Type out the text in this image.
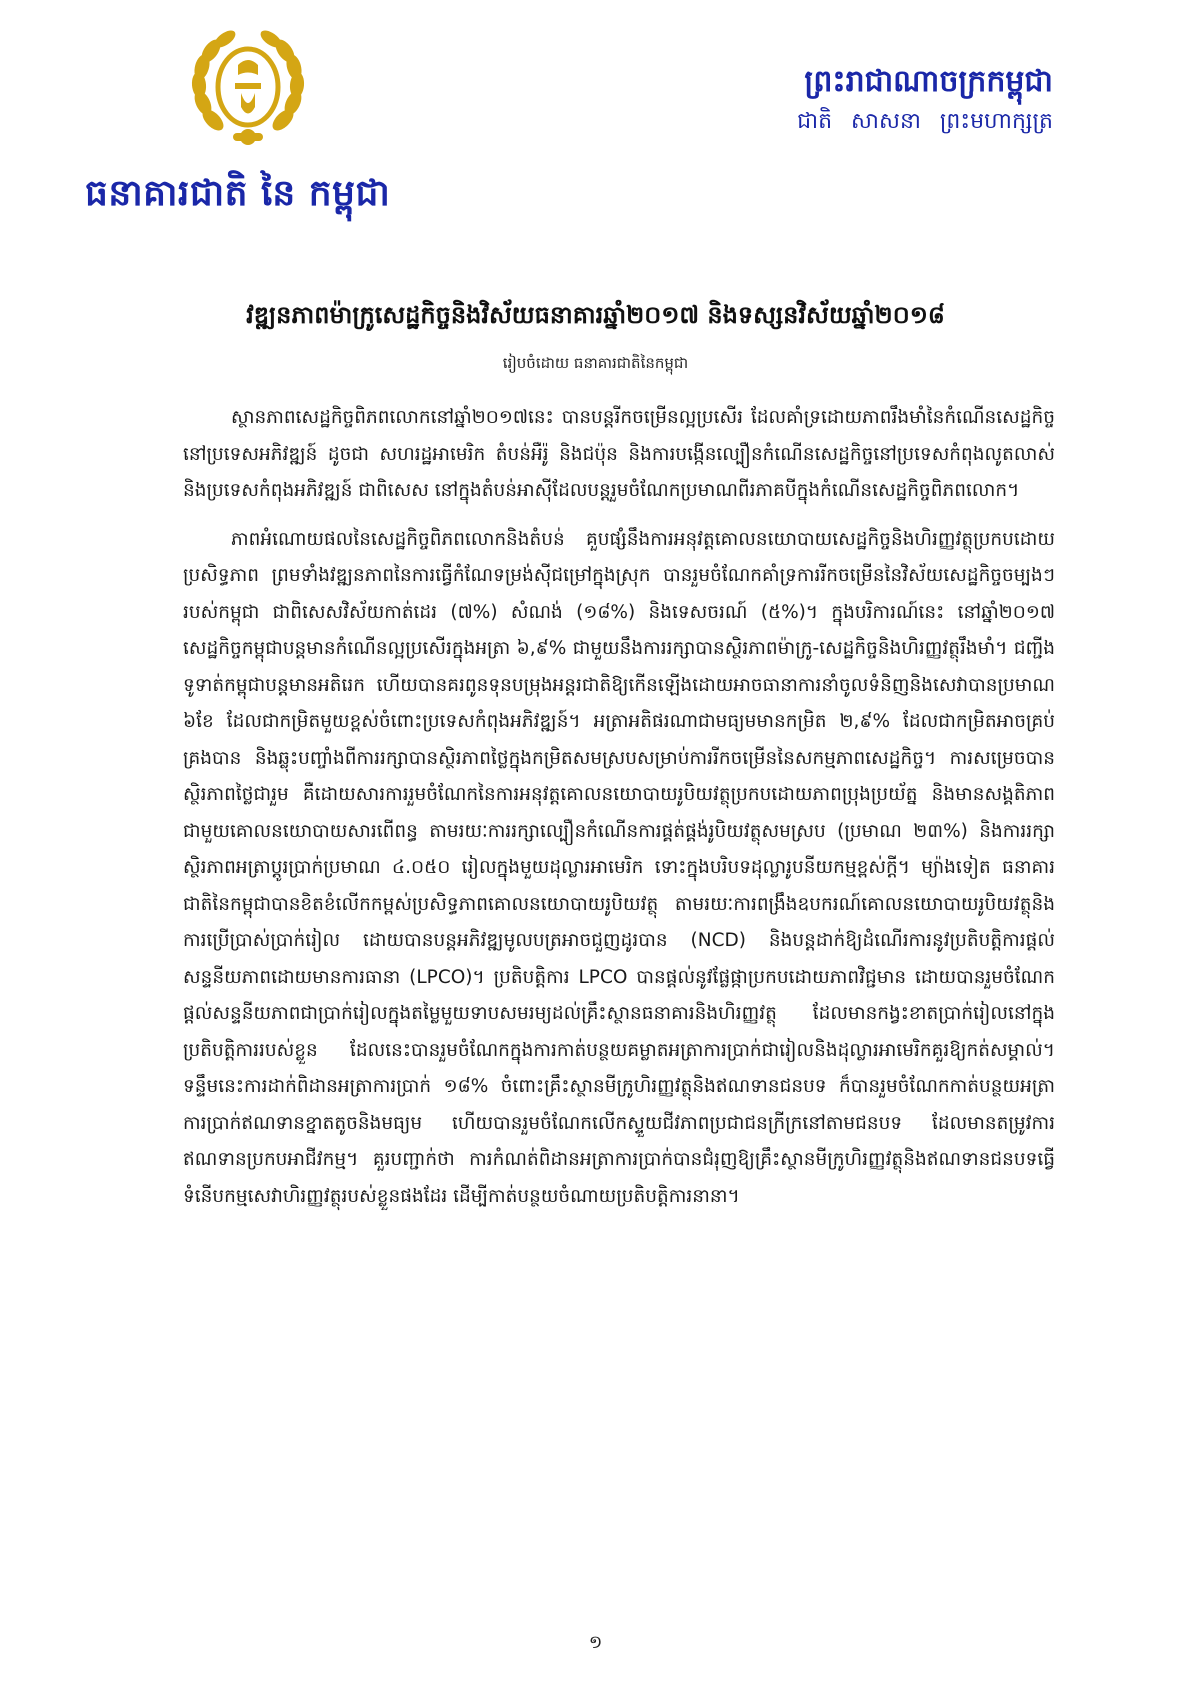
ធនាគារជាតិ នៃ កម្ពុជា
ព្រះរាជាណាចក្រកម្ពុជា
ជាតិ សាសនា ព្រះមហាក្សត្រ
វឌ្ឍនភាពម៉ាក្រូសេដ្ឋកិច្ចនិងវិស័យធនាគារឆ្នាំ២០១៧ និងទស្សនវិស័យឆ្នាំ២០១៨
រៀបចំដោយ ធនាគារជាតិនៃកម្ពុជា

ស្ថានភាពសេដ្ឋកិច្ចពិភពលោកនៅឆ្នាំ២០១៧នេះ បានបន្តរីកចម្រើនល្អប្រសើរ ដែលគាំទ្រដោយភាពរឹងមាំនៃកំណើនសេដ្ឋកិច្ចនៅប្រទេសអភិវឌ្ឍន៍ ដូចជា សហរដ្ឋអាមេរិក តំបន់អឺរ៉ូ និងជប៉ុន និងការបង្កើនល្បឿនកំណើនសេដ្ឋកិច្ចនៅប្រទេសកំពុងលូតលាស់និងប្រទេសកំពុងអភិវឌ្ឍន៍ ជាពិសេស នៅក្នុងតំបន់អាស៊ីដែលបន្តរួមចំណែកប្រមាណពីរភាគបីក្នុងកំណើនសេដ្ឋកិច្ចពិភពលោក។

ភាពអំណោយផលនៃសេដ្ឋកិច្ចពិភពលោកនិងតំបន់ គួបផ្សំនឹងការអនុវត្តគោលនយោបាយសេដ្ឋកិច្ចនិងហិរញ្ញវត្ថុប្រកបដោយប្រសិទ្ធភាព ព្រមទាំងវឌ្ឍនភាពនៃការធ្វើកំណែទម្រង់ស៊ីជម្រៅក្នុងស្រុក បានរួមចំណែកគាំទ្រការរីកចម្រើននៃវិស័យសេដ្ឋកិច្ចចម្បងៗរបស់កម្ពុជា ជាពិសេសវិស័យកាត់ដេរ (៧%) សំណង់ (១៨%) និងទេសចរណ៍ (៥%)។ ក្នុងបរិការណ៍នេះ នៅឆ្នាំ២០១៧ សេដ្ឋកិច្ចកម្ពុជាបន្តមានកំណើនល្អប្រសើរក្នុងអត្រា ៦,៩% ជាមួយនឹងការរក្សាបានស្ថិរភាពម៉ាក្រូ-សេដ្ឋកិច្ចនិងហិរញ្ញវត្ថុរឹងមាំ។ ជញ្ជីងទូទាត់កម្ពុជាបន្តមានអតិរេក ហើយបានគរពូនទុនបម្រុងអន្តរជាតិឱ្យកើនឡើងដោយអាចធានាការនាំចូលទំនិញនិងសេវាបានប្រមាណ ៦ខែ ដែលជាកម្រិតមួយខ្ពស់ចំពោះប្រទេសកំពុងអភិវឌ្ឍន៍។ អត្រាអតិផរណាជាមធ្យមមានកម្រិត ២,៩% ដែលជាកម្រិតអាចគ្រប់គ្រងបាន និងឆ្លុះបញ្ចាំងពីការរក្សាបានស្ថិរភាពថ្លៃក្នុងកម្រិតសមស្របសម្រាប់ការរីកចម្រើននៃសកម្មភាពសេដ្ឋកិច្ច។ ការសម្រេចបានស្ថិរភាពថ្លៃជារួម គឺដោយសារការរួមចំណែកនៃការអនុវត្តគោលនយោបាយរូបិយវត្ថុប្រកបដោយភាពប្រុងប្រយ័ត្ន និងមានសង្គតិភាពជាមួយគោលនយោបាយសារពើពន្ធ តាមរយៈការរក្សាល្បឿនកំណើនការផ្គត់ផ្គង់រូបិយវត្ថុសមស្រប (ប្រមាណ ២៣%) និងការរក្សាស្ថិរភាពអត្រាប្តូរប្រាក់ប្រមាណ ៤.០៥០ រៀលក្នុងមួយដុល្លារអាមេរិក ទោះក្នុងបរិបទដុល្លារូបនីយកម្មខ្ពស់ក្តី។ ម្យ៉ាងទៀត ធនាគារជាតិនៃកម្ពុជាបានខិតខំលើកកម្ពស់ប្រសិទ្ធភាពគោលនយោបាយរូបិយវត្ថុ តាមរយៈការពង្រឹងឧបករណ៍គោលនយោបាយរូបិយវត្ថុនិងការប្រើប្រាស់ប្រាក់រៀល ដោយបានបន្តអភិវឌ្ឍមូលបត្រអាចជួញដូរបាន (NCD) និងបន្តដាក់ឱ្យដំណើរការនូវប្រតិបត្តិការផ្តល់សន្ទនីយភាពដោយមានការធានា (LPCO)។ ប្រតិបត្តិការ LPCO បានផ្តល់នូវផ្លែផ្កាប្រកបដោយភាពវិជ្ជមាន ដោយបានរួមចំណែកផ្តល់សន្ទនីយភាពជាប្រាក់រៀលក្នុងតម្លៃមួយទាបសមរម្យដល់គ្រឹះស្ថានធនាគារនិងហិរញ្ញវត្ថុ ដែលមានកង្វះខាតប្រាក់រៀលនៅក្នុងប្រតិបត្តិការរបស់ខ្លួន ដែលនេះបានរួមចំណែកក្នុងការកាត់បន្ថយគម្លាតអត្រាការប្រាក់ជារៀលនិងដុល្លារអាមេរិកគួរឱ្យកត់សម្គាល់។ ទន្ទឹមនេះការដាក់ពិដានអត្រាការប្រាក់ ១៨% ចំពោះគ្រឹះស្ថានមីក្រូហិរញ្ញវត្ថុនិងឥណទានជនបទ ក៏បានរួមចំណែកកាត់បន្ថយអត្រាការប្រាក់ឥណទានខ្នាតតូចនិងមធ្យម ហើយបានរួមចំណែកលើកស្ទួយជីវភាពប្រជាជនក្រីក្រនៅតាមជនបទ ដែលមានតម្រូវការឥណទានប្រកបអាជីវកម្ម។ គួរបញ្ជាក់ថា ការកំណត់ពិដានអត្រាការប្រាក់បានជំរុញឱ្យគ្រឹះស្ថានមីក្រូហិរញ្ញវត្ថុនិងឥណទានជនបទធ្វើទំនើបកម្មសេវាហិរញ្ញវត្ថុរបស់ខ្លួនផងដែរ ដើម្បីកាត់បន្ថយចំណាយប្រតិបត្តិការនានា។

១
